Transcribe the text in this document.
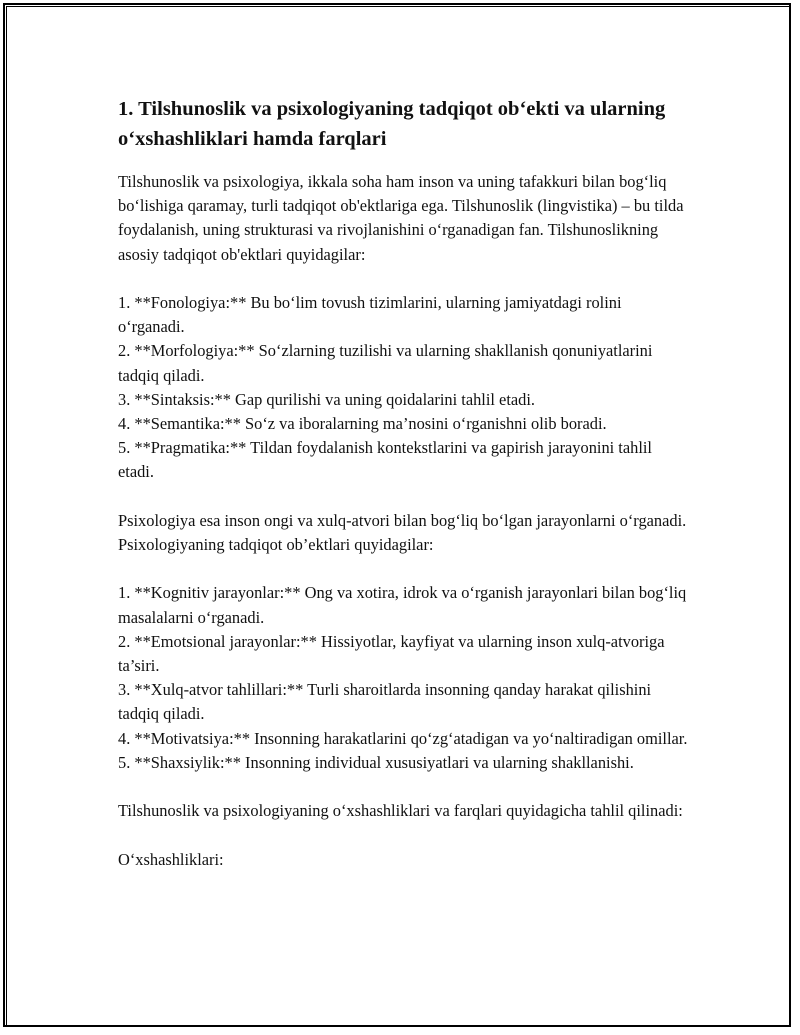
1. Tilshunoslik va psixologiyaning tadqiqot ob‘ekti va ularning o‘xshashliklari hamda farqlari

Tilshunoslik va psixologiya, ikkala soha ham inson va uning tafakkuri bilan bog‘liq bo‘lishiga qaramay, turli tadqiqot ob'ektlariga ega. Tilshunoslik (lingvistika) – bu tilda foydalanish, uning strukturasi va rivojlanishini o‘rganadigan fan. Tilshunoslikning asosiy tadqiqot ob'ektlari quyidagilar:

1. **Fonologiya:** Bu bo‘lim tovush tizimlarini, ularning jamiyatdagi rolini o‘rganadi.
2. **Morfologiya:** So‘zlarning tuzilishi va ularning shakllanish qonuniyatlarini tadqiq qiladi.
3. **Sintaksis:** Gap qurilishi va uning qoidalarini tahlil etadi.
4. **Semantika:** So‘z va iboralarning ma’nosini o‘rganishni olib boradi.
5. **Pragmatika:** Tildan foydalanish kontekstlarini va gapirish jarayonini tahlil etadi.

Psixologiya esa inson ongi va xulq-atvori bilan bog‘liq bo‘lgan jarayonlarni o‘rganadi. Psixologiyaning tadqiqot ob’ektlari quyidagilar:

1. **Kognitiv jarayonlar:** Ong va xotira, idrok va o‘rganish jarayonlari bilan bog‘liq masalalarni o‘rganadi.
2. **Emotsional jarayonlar:** Hissiyotlar, kayfiyat va ularning inson xulq-atvoriga ta’siri.
3. **Xulq-atvor tahlillari:** Turli sharoitlarda insonning qanday harakat qilishini tadqiq qiladi.
4. **Motivatsiya:** Insonning harakatlarini qo‘zg‘atadigan va yo‘naltiradigan omillar.
5. **Shaxsiylik:** Insonning individual xususiyatlari va ularning shakllanishi.

Tilshunoslik va psixologiyaning o‘xshashliklari va farqlari quyidagicha tahlil qilinadi:

O‘xshashliklari:
